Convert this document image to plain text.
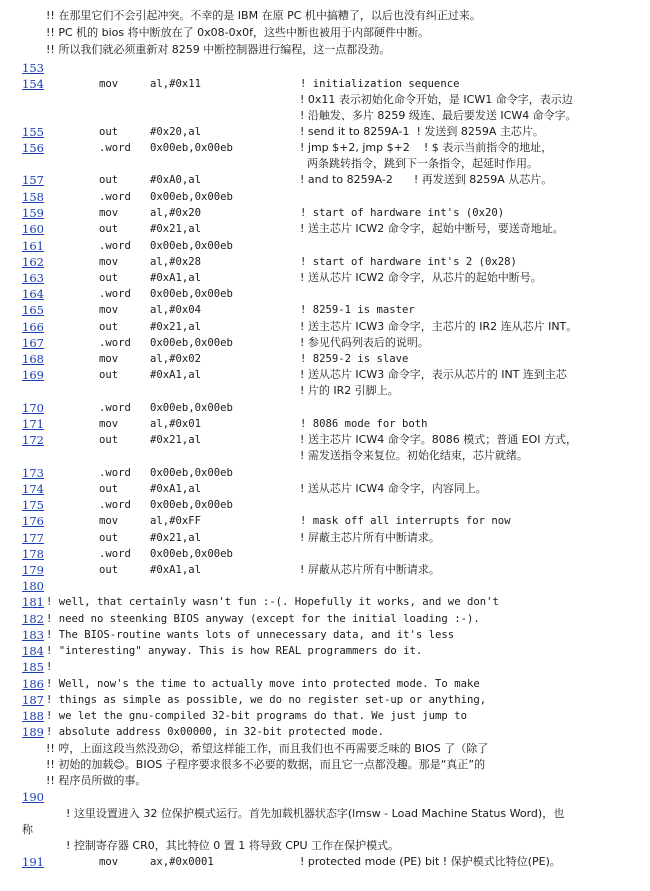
!! 在那里它们不会引起冲突。不幸的是 IBM 在原 PC 机中搞糟了，以后也没有纠正过来。
!! PC 机的 bios 将中断放在了 0x08-0x0f，这些中断也被用于内部硬件中断。
!! 所以我们就必须重新对 8259 中断控制器进行编程，这一点都没劲。
153
154	mov	al,#0x11	! initialization sequence
! 0x11 表示初始化命令开始，是 ICW1 命令字，表示边
! 沿触发、多片 8259 级连、最后要发送 ICW4 命令字。
155	out	#0x20,al	! send it to 8259A-1  ! 发送到 8259A 主芯片。
156	.word 0x00eb,0x00eb	! jmp $+2, jmp $+2    ! $ 表示当前指令的地址，
两条跳转指令，跳到下一条指令，起延时作用。
157	out	#0xA0,al	! and to 8259A-2      ! 再发送到 8259A 从芯片。
158	.word 0x00eb,0x00eb
159	mov	al,#0x20	! start of hardware int's (0x20)
160	out	#0x21,al	! 送主芯片 ICW2 命令字，起始中断号，要送奇地址。
161	.word 0x00eb,0x00eb
162	mov	al,#0x28	! start of hardware int's 2 (0x28)
163	out	#0xA1,al	! 送从芯片 ICW2 命令字，从芯片的起始中断号。
164	.word 0x00eb,0x00eb
165	mov	al,#0x04	! 8259-1 is master
166	out	#0x21,al	! 送主芯片 ICW3 命令字，主芯片的 IR2 连从芯片 INT。
167	.word 0x00eb,0x00eb	! 参见代码列表后的说明。
168	mov	al,#0x02	! 8259-2 is slave
169	out	#0xA1,al	! 送从芯片 ICW3 命令字，表示从芯片的 INT 连到主芯
! 片的 IR2 引脚上。
170	.word 0x00eb,0x00eb
171	mov	al,#0x01	! 8086 mode for both
172	out	#0x21,al	! 送主芯片 ICW4 命令字。8086 模式；普通 EOI 方式，
! 需发送指令来复位。初始化结束，芯片就绪。
173	.word 0x00eb,0x00eb
174	out	#0xA1,al	! 送从芯片 ICW4 命令字，内容同上。
175	.word 0x00eb,0x00eb
176	mov	al,#0xFF	! mask off all interrupts for now
177	out	#0x21,al	! 屏蔽主芯片所有中断请求。
178	.word 0x00eb,0x00eb
179	out	#0xA1,al	! 屏蔽从芯片所有中断请求。
180
181 ! well, that certainly wasn't fun :-(. Hopefully it works, and we don't
182 ! need no steenking BIOS anyway (except for the initial loading :-).
183 ! The BIOS-routine wants lots of unnecessary data, and it's less
184 ! "interesting" anyway. This is how REAL programmers do it.
185 !
186 ! Well, now's the time to actually move into protected mode. To make
187 ! things as simple as possible, we do no register set-up or anything,
188 ! we let the gnu-compiled 32-bit programs do that. We just jump to
189 ! absolute address 0x00000, in 32-bit protected mode.
!! 哼，上面这段当然没劲😕，希望这样能工作，而且我们也不再需要乏味的 BIOS 了（除了
!! 初始的加载😊。BIOS 子程序要求很多不必要的数据，而且它一点都没趣。那是“真正”的
!! 程序员所做的事。
190
! 这里设置进入 32 位保护模式运行。首先加载机器状态字(lmsw - Load Machine Status Word)，也
称
! 控制寄存器 CR0，其比特位 0 置 1 将导致 CPU 工作在保护模式。
191	mov	ax,#0x0001	! protected mode (PE) bit ! 保护模式比特位(PE)。
